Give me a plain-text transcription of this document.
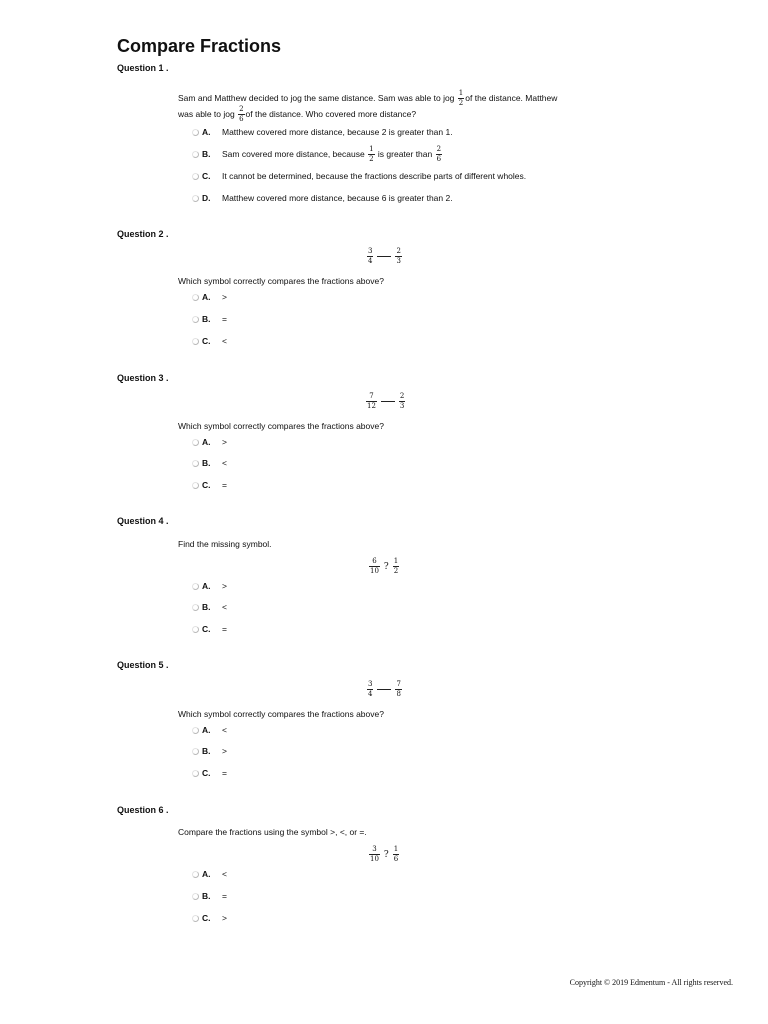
Compare Fractions
Question 1 .
Sam and Matthew decided to jog the same distance. Sam was able to jog $\frac{1}{2}$ of the distance. Matthew
was able to jog $\frac{2}{6}$ of the distance. Who covered more distance?
A.	Matthew covered more distance, because 2 is greater than 1.
B.	Sam covered more distance, because $\frac{1}{2}$ is greater than $\frac{2}{6}$
C.	It cannot be determined, because the fractions describe parts of different wholes.
D.	Matthew covered more distance, because 6 is greater than 2.
Question 2 .
$\frac{3}{4}$	$\frac{2}{3}$
Which symbol correctly compares the fractions above?
A.	>
B.	=
C.	<
Question 3 .
$\frac{7}{12}$	$\frac{2}{3}$
Which symbol correctly compares the fractions above?
A.	>
B.	<
C.	=
Question 4 .
Find the missing symbol.
$\frac{6}{10}$ ? $\frac{1}{2}$
A.	>
B.	<
C.	=
Question 5 .
$\frac{3}{4}$	$\frac{7}{8}$
Which symbol correctly compares the fractions above?
A.	<
B.	>
C.	=
Question 6 .
Compare the fractions using the symbol >, <, or =.
$\frac{3}{10}$ ? $\frac{1}{6}$
A.	<
B.	=
C.	>
Copyright © 2019 Edmentum - All rights reserved.
